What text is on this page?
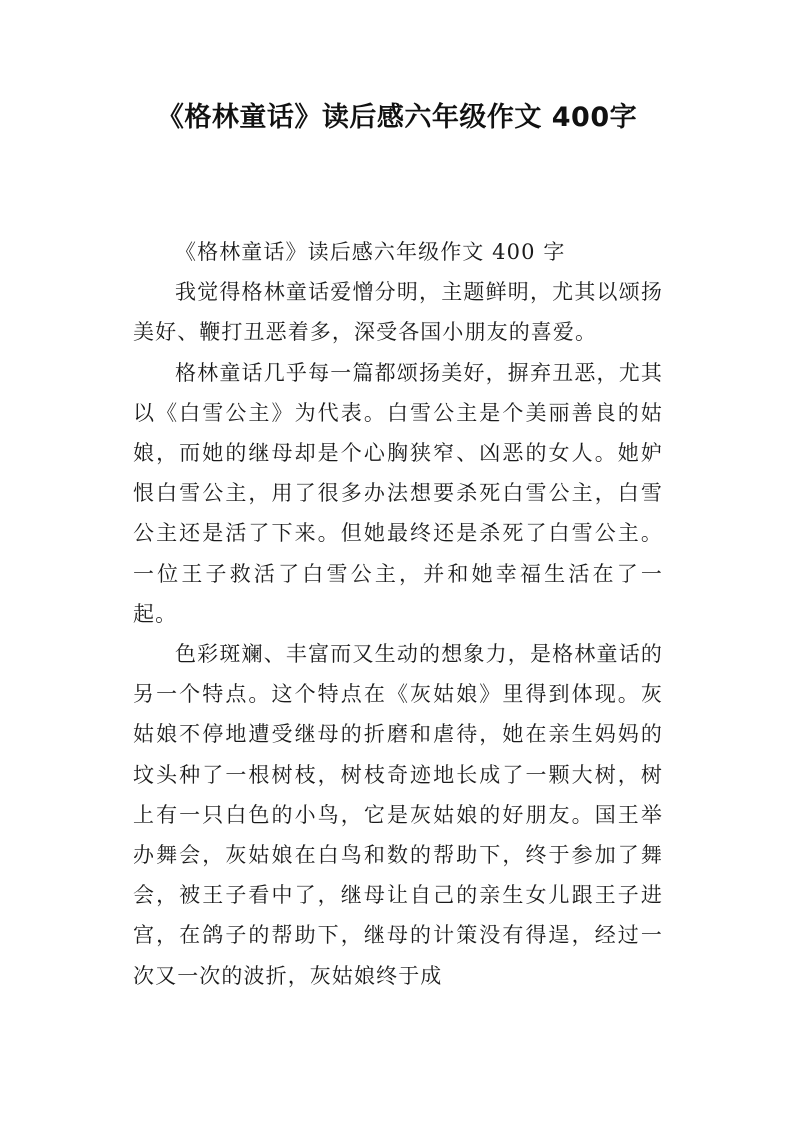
《格林童话》读后感六年级作文 400字

《格林童话》读后感六年级作文 400 字

我觉得格林童话爱憎分明，主题鲜明，尤其以颂扬美好、鞭打丑恶着多，深受各国小朋友的喜爱。

格林童话几乎每一篇都颂扬美好，摒弃丑恶，尤其以《白雪公主》为代表。白雪公主是个美丽善良的姑娘，而她的继母却是个心胸狭窄、凶恶的女人。她妒恨白雪公主，用了很多办法想要杀死白雪公主，白雪公主还是活了下来。但她最终还是杀死了白雪公主。一位王子救活了白雪公主，并和她幸福生活在了一起。

色彩斑斓、丰富而又生动的想象力，是格林童话的另一个特点。这个特点在《灰姑娘》里得到体现。灰姑娘不停地遭受继母的折磨和虐待，她在亲生妈妈的坟头种了一根树枝，树枝奇迹地长成了一颗大树，树上有一只白色的小鸟，它是灰姑娘的好朋友。国王举办舞会，灰姑娘在白鸟和数的帮助下，终于参加了舞会，被王子看中了，继母让自己的亲生女儿跟王子进宫，在鸽子的帮助下，继母的计策没有得逞，经过一次又一次的波折，灰姑娘终于成
